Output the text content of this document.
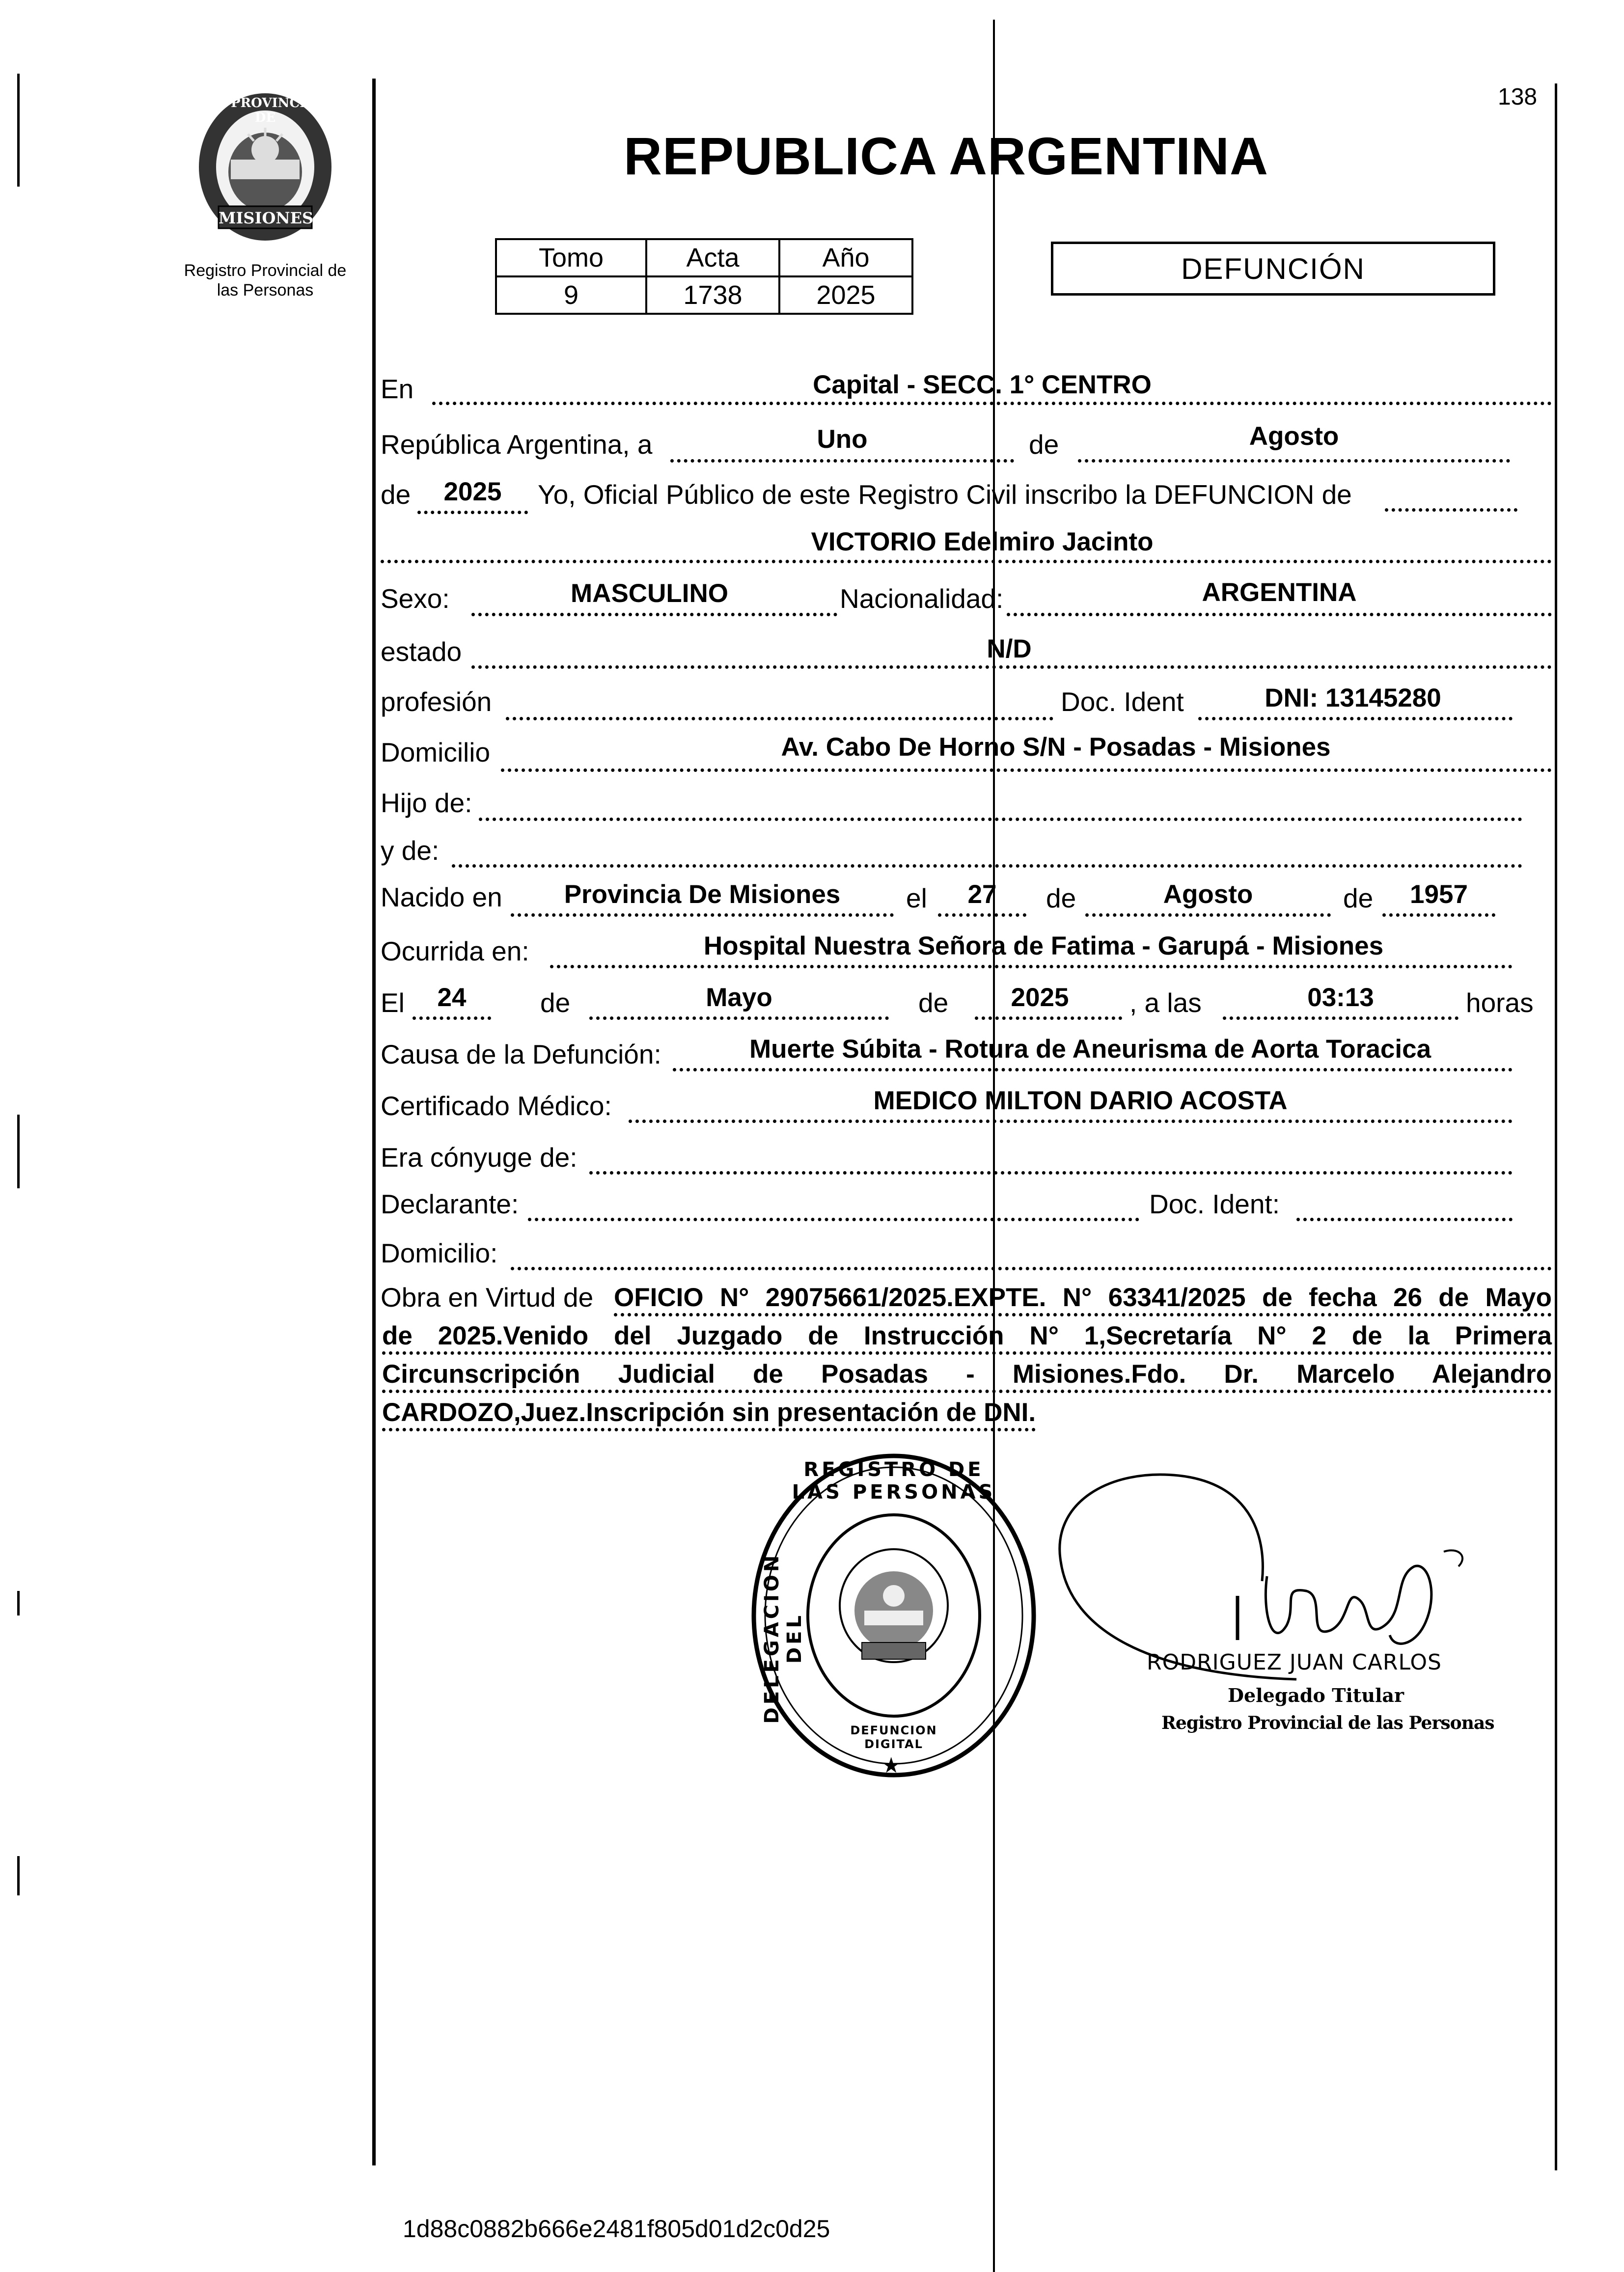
PROVINCIA DE
MISIONES
Registro Provincial de
las Personas
138
REPUBLICA ARGENTINA
Tomo	Acta	Año
9	1738	2025
DEFUNCIÓN
En	Capital - SECC. 1° CENTRO
República Argentina, a	Uno	de	Agosto
de	2025	Yo, Oficial Público de este Registro Civil inscribo la DEFUNCION de
VICTORIO Edelmiro Jacinto
Sexo:	MASCULINO	Nacionalidad:	ARGENTINA
estado	N/D
profesión	Doc. Ident	DNI: 13145280
Domicilio	Av. Cabo De Horno S/N - Posadas - Misiones
Hijo de:
y de:
Nacido en	Provincia De Misiones	el	27	de	Agosto	de	1957
Ocurrida en:	Hospital Nuestra Señora de Fatima - Garupá - Misiones
El	24	de	Mayo	de	2025	, a las	03:13	horas
Causa de la Defunción:	Muerte Súbita - Rotura de Aneurisma de Aorta Toracica
Certificado Médico:	MEDICO MILTON DARIO ACOSTA
Era cónyuge de:
Declarante:	Doc. Ident:
Domicilio:
Obra en Virtud de OFICIO N° 29075661/2025.EXPTE. N° 63341/2025 de fecha 26 de Mayo
de 2025.Venido del Juzgado de Instrucción N° 1,Secretaría N° 2 de la Primera
Circunscripción Judicial de Posadas - Misiones.Fdo. Dr. Marcelo Alejandro
CARDOZO,Juez.Inscripción sin presentación de DNI.
REGISTRO DE LAS PERSONAS
DELEGACION DEL
DEFUNCION DIGITAL
★
RODRIGUEZ JUAN CARLOS
Delegado Titular
Registro Provincial de las Personas
1d88c0882b666e2481f805d01d2c0d25
